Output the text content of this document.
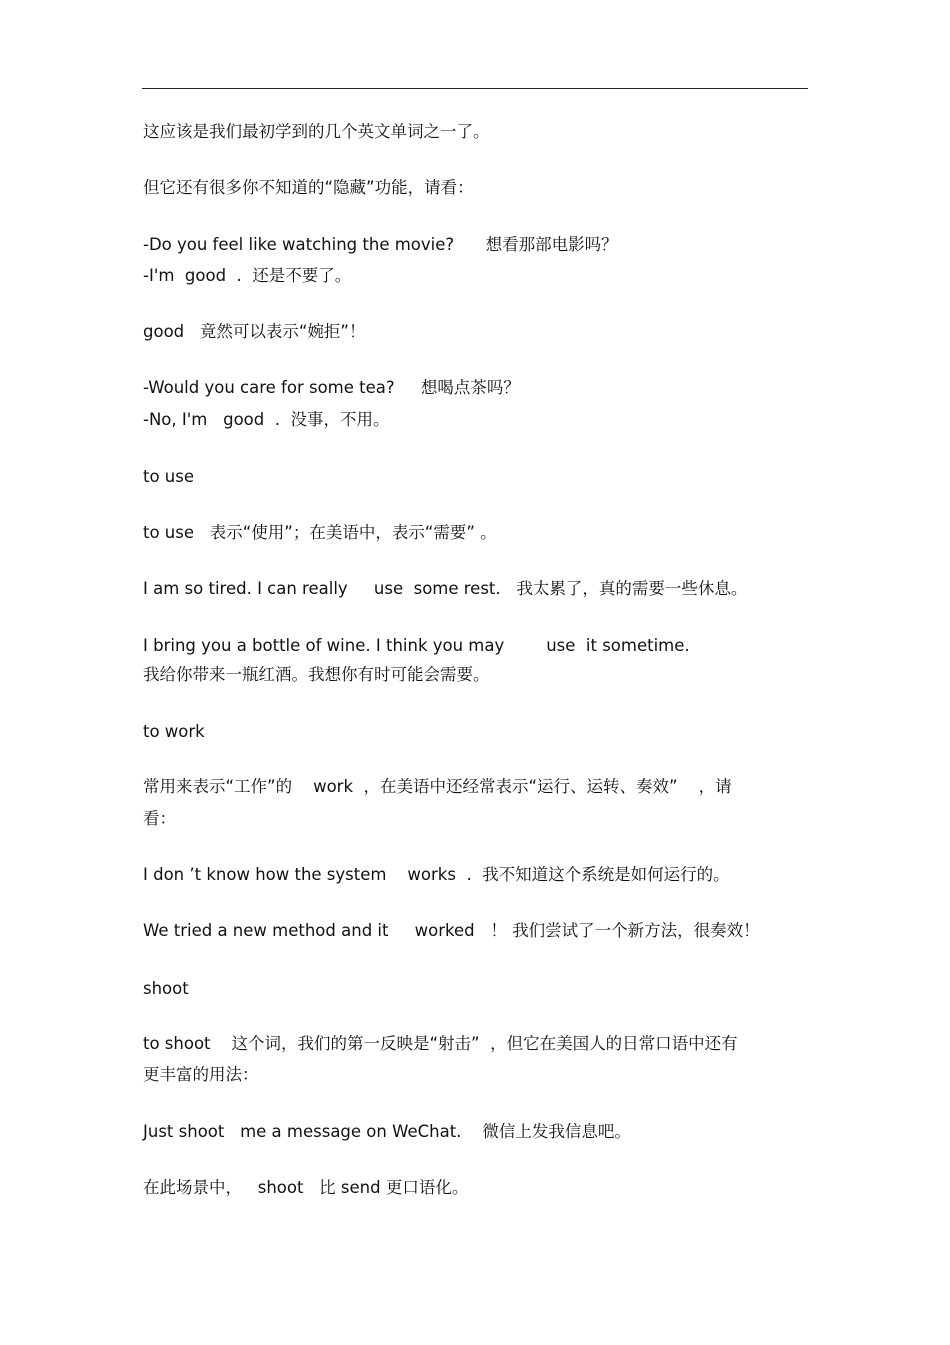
这应该是我们最初学到的几个英文单词之一了。
但它还有很多你不知道的“隐藏”功能，请看：
-Do you feel like watching the movie?      想看那部电影吗？
-I'm  good  .  还是不要了。
good   竟然可以表示“婉拒”！
-Would you care for some tea?     想喝点茶吗？
-No, I'm   good  .  没事，不用。
to use
to use   表示“使用”；在美语中，表示“需要” 。
I am so tired. I can really     use  some rest.   我太累了，真的需要一些休息。
I bring you a bottle of wine. I think you may        use  it sometime.
我给你带来一瓶红酒。我想你有时可能会需要。
to work
常用来表示“工作”的    work  ，在美语中还经常表示“运行、运转、奏效”    ，请
看：
I don ’t know how the system    works  .  我不知道这个系统是如何运行的。
We tried a new method and it     worked   ！ 我们尝试了一个新方法，很奏效！
shoot
to shoot    这个词，我们的第一反映是“射击”  ，但它在美国人的日常口语中还有
更丰富的用法：
Just shoot   me a message on WeChat.    微信上发我信息吧。
在此场景中，   shoot   比 send 更口语化。
